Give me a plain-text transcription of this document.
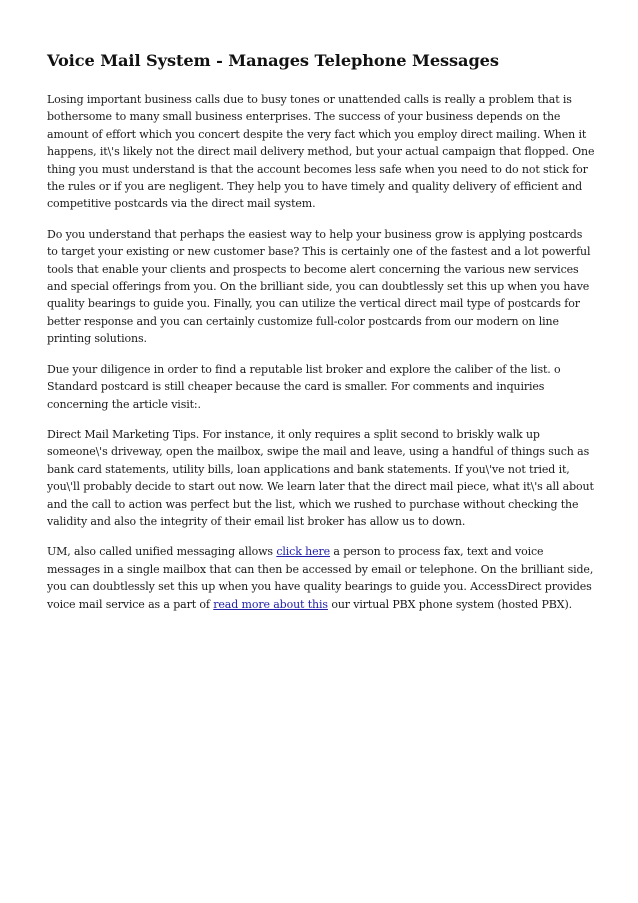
Voice Mail System - Manages Telephone Messages

Losing important business calls due to busy tones or unattended calls is really a problem that is bothersome to many small business enterprises. The success of your business depends on the amount of effort which you concert despite the very fact which you employ direct mailing. When it happens, it\'s likely not the direct mail delivery method, but your actual campaign that flopped. One thing you must understand is that the account becomes less safe when you need to do not stick for the rules or if you are negligent. They help you to have timely and quality delivery of efficient and competitive postcards via the direct mail system.

Do you understand that perhaps the easiest way to help your business grow is applying postcards to target your existing or new customer base? This is certainly one of the fastest and a lot powerful tools that enable your clients and prospects to become alert concerning the various new services and special offerings from you. On the brilliant side, you can doubtlessly set this up when you have quality bearings to guide you. Finally, you can utilize the vertical direct mail type of postcards for better response and you can certainly customize full-color postcards from our modern on line printing solutions.

Due your diligence in order to find a reputable list broker and explore the caliber of the list. o Standard postcard is still cheaper because the card is smaller. For comments and inquiries concerning the article visit:.

Direct Mail Marketing Tips. For instance, it only requires a split second to briskly walk up someone\'s driveway, open the mailbox, swipe the mail and leave, using a handful of things such as bank card statements, utility bills, loan applications and bank statements. If you\'ve not tried it, you\'ll probably decide to start out now. We learn later that the direct mail piece, what it\'s all about and the call to action was perfect but the list, which we rushed to purchase without checking the validity and also the integrity of their email list broker has allow us to down.

UM, also called unified messaging allows click here a person to process fax, text and voice messages in a single mailbox that can then be accessed by email or telephone. On the brilliant side, you can doubtlessly set this up when you have quality bearings to guide you. AccessDirect provides voice mail service as a part of read more about this our virtual PBX phone system (hosted PBX).
